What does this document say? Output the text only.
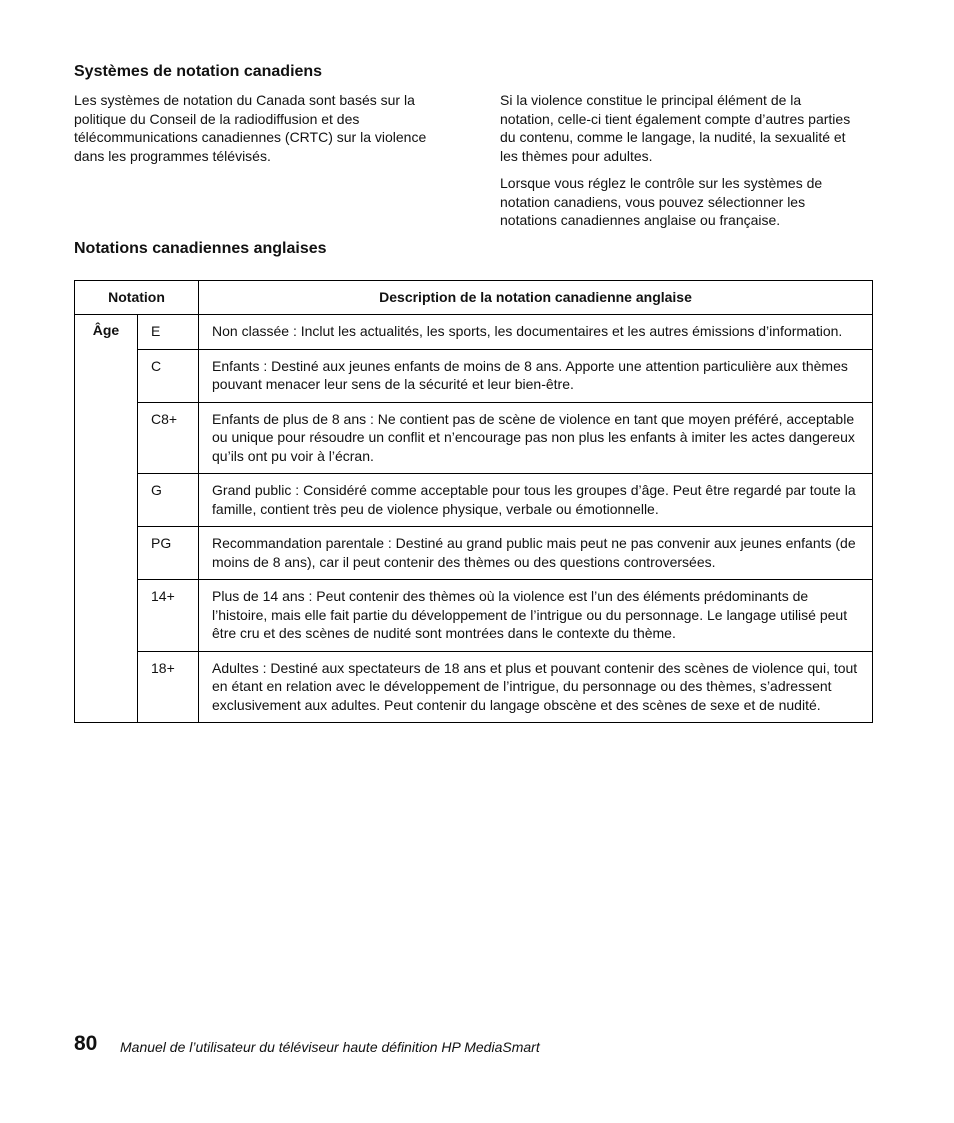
Systèmes de notation canadiens

Les systèmes de notation du Canada sont basés sur la politique du Conseil de la radiodiffusion et des télécommunications canadiennes (CRTC) sur la violence dans les programmes télévisés.

Si la violence constitue le principal élément de la notation, celle-ci tient également compte d’autres parties du contenu, comme le langage, la nudité, la sexualité et les thèmes pour adultes.

Lorsque vous réglez le contrôle sur les systèmes de notation canadiens, vous pouvez sélectionner les notations canadiennes anglaise ou française.

Notations canadiennes anglaises
Notation		Description de la notation canadienne anglaise
Âge	E	Non classée : Inclut les actualités, les sports, les documentaires et les autres émissions d’information.
	C	Enfants : Destiné aux jeunes enfants de moins de 8 ans. Apporte une attention particulière aux thèmes pouvant menacer leur sens de la sécurité et leur bien-être.
	C8+	Enfants de plus de 8 ans : Ne contient pas de scène de violence en tant que moyen préféré, acceptable ou unique pour résoudre un conflit et n’encourage pas non plus les enfants à imiter les actes dangereux qu’ils ont pu voir à l’écran.
	G	Grand public : Considéré comme acceptable pour tous les groupes d’âge. Peut être regardé par toute la famille, contient très peu de violence physique, verbale ou émotionnelle.
	PG	Recommandation parentale : Destiné au grand public mais peut ne pas convenir aux jeunes enfants (de moins de 8 ans), car il peut contenir des thèmes ou des questions controversées.
	14+	Plus de 14 ans : Peut contenir des thèmes où la violence est l’un des éléments prédominants de l’histoire, mais elle fait partie du développement de l’intrigue ou du personnage. Le langage utilisé peut être cru et des scènes de nudité sont montrées dans le contexte du thème.
	18+	Adultes : Destiné aux spectateurs de 18 ans et plus et pouvant contenir des scènes de violence qui, tout en étant en relation avec le développement de l’intrigue, du personnage ou des thèmes, s’adressent exclusivement aux adultes. Peut contenir du langage obscène et des scènes de sexe et de nudité.
80 Manuel de l’utilisateur du téléviseur haute définition HP MediaSmart
